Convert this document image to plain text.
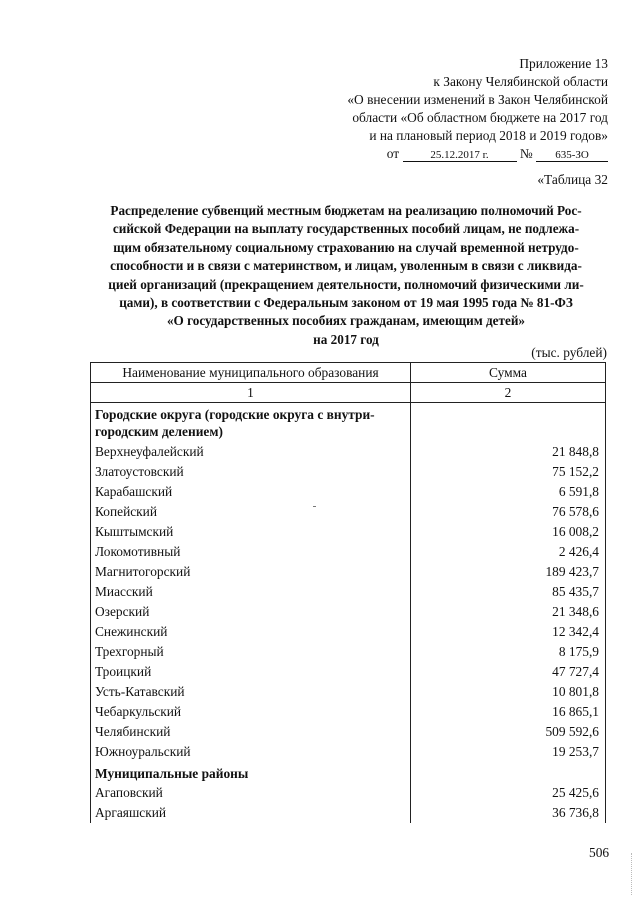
Приложение 13
к Закону Челябинской области
«О внесении изменений в Закон Челябинской
области «Об областном бюджете на 2017 год
и на плановый период 2018 и 2019 годов»
от	25.12.2017 г. № 635-ЗО
«Таблица 32
Распределение субвенций местным бюджетам на реализацию полномочий Рос-
сийской Федерации на выплату государственных пособий лицам, не подлежа-
щим обязательному социальному страхованию на случай временной нетрудо-
способности и в связи с материнством, и лицам, уволенным в связи с ликвида-
цией организаций (прекращением деятельности, полномочий физическими ли-
цами), в соответствии с Федеральным законом от 19 мая 1995 года № 81-ФЗ
«О государственных пособиях гражданам, имеющим детей»
на 2017 год
(тыс. рублей)
Наименование муниципального образования	Сумма
1	2
Городские округа (городские округа с внутри-
городским делением)	
Верхнеуфалейский	21 848,8
Златоустовский	75 152,2
Карабашский	6 591,8
Копейский	76 578,6
Кыштымский	16 008,2
Локомотивный	2 426,4
Магнитогорский	189 423,7
Миасский	85 435,7
Озерский	21 348,6
Снежинский	12 342,4
Трехгорный	8 175,9
Троицкий	47 727,4
Усть-Катавский	10 801,8
Чебаркульский	16 865,1
Челябинский	509 592,6
Южноуральский	19 253,7
Муниципальные районы	
Агаповский	25 425,6
Аргаяшский	36 736,8
506
